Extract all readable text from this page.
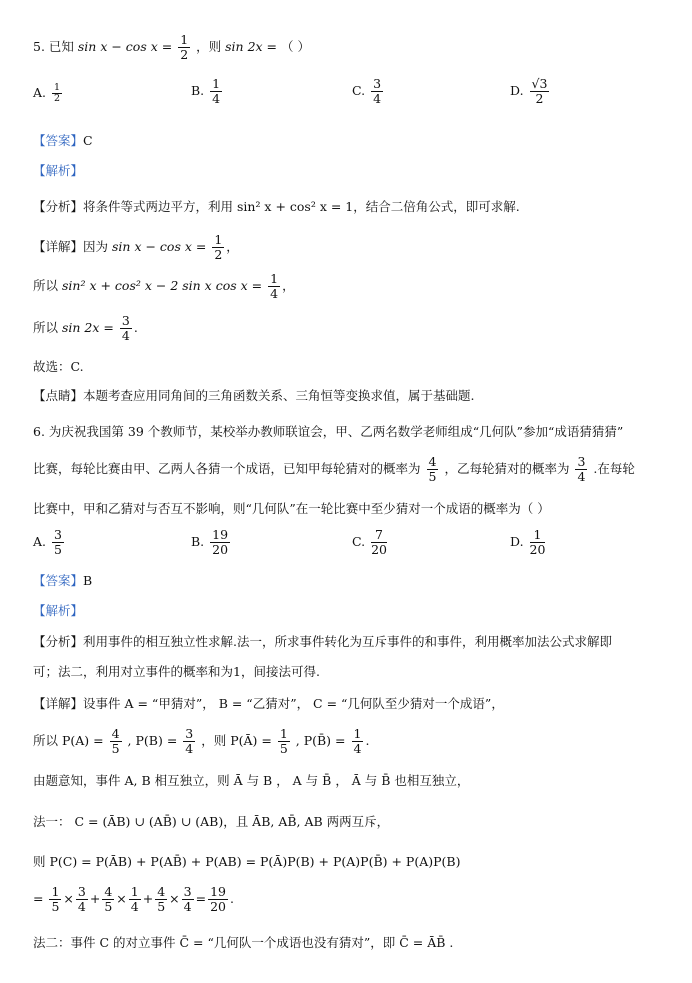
5. 已知 $\sin x - \cos x = \frac{1}{2}$ ，则 sin 2x = （ ）
A. $\frac{1}{2}$	B. $\frac{1}{4}$	C. $\frac{3}{4}$	D. $\frac{√3}{2}$
【答案】C
【解析】
【分析】将条件等式两边平方，利用 sin² x + cos² x = 1，结合二倍角公式，即可求解.
【详解】因为 $\sin x - \cos x = \frac{1}{2}$ ，
所以 sin² x + cos² x − 2 sin x $\cos x = \frac{1}{4}$ ，
所以 $\sin 2x = \frac{3}{4}$ .
故选：C.
【点睛】本题考查应用同角间的三角函数关系、三角恒等变换求值，属于基础题.
6. 为庆祝我国第 39 个教师节，某校举办教师联谊会，甲、乙两名数学老师组成“几何队”参加“成语猜猜猜”
比赛，每轮比赛由甲、乙两人各猜一个成语，已知甲每轮猜对的概率为 $\frac{4}{5}$ ，乙每轮猜对的概率为 $\frac{3}{4}$ .在每轮
比赛中，甲和乙猜对与否互不影响，则“几何队”在一轮比赛中至少猜对一个成语的概率为（ ）
A. $\frac{3}{5}$	B. $\frac{19}{20}$	C. $\frac{7}{20}$	D. $\frac{1}{20}$
【答案】B
【解析】
【分析】利用事件的相互独立性求解.法一，所求事件转化为互斥事件的和事件，利用概率加法公式求解即
可；法二，利用对立事件的概率和为1，间接法可得.
【详解】设事件 A = “甲猜对”， B = “乙猜对”， C = “几何队至少猜对一个成语”，
所以 $P(A) = \frac{4}{5}$ , $P(B) = \frac{3}{4}$ ，则 P(Ā) = $\frac{1}{5}$ , P(B̄) = $\frac{1}{4}$ .
由题意知，事件 A, B 相互独立，则 Ā 与 B ， A 与 B̄ ， Ā 与 B̄ 也相互独立，
法一： C = (ĀB) ∪ (AB̄) ∪ (AB)，且 ĀB, AB̄, AB 两两互斥，
则 P(C) = P(ĀB) + P(AB̄) + P(AB) = P(Ā)P(B) + P(A)P(B̄) + P(A)P(B)
= $\frac{1}{5} \times \frac{3}{4} + \frac{4}{5} \times \frac{1}{4} + \frac{4}{5} \times \frac{3}{4} = \frac{19}{20}$ .
法二：事件 C 的对立事件 C̄ = “几何队一个成语也没有猜对”，即 C̄ = ĀB̄ .
